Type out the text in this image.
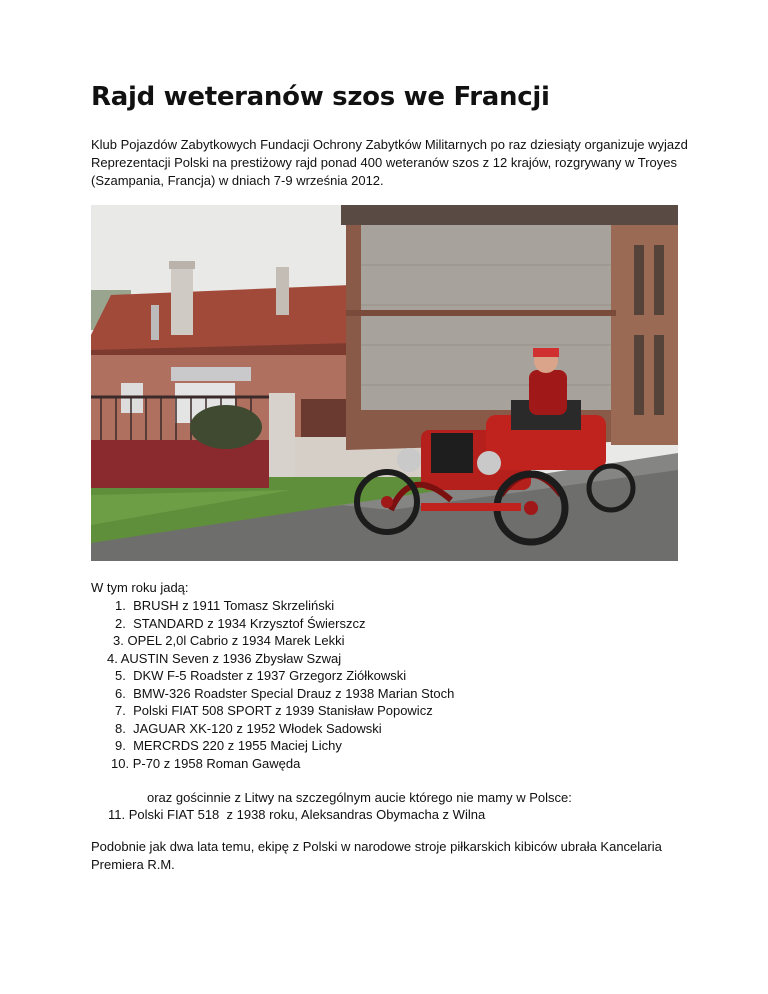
Rajd weteranów szos we Francji

Klub Pojazdów Zabytkowych Fundacji Ochrony Zabytków Militarnych po raz dziesiąty organizuje wyjazd Reprezentacji Polski na prestiżowy rajd ponad 400 weteranów szos z 12 krajów, rozgrywany w Troyes (Szampania, Francja) w dniach 7-9 września 2012.

W tym roku jadą:

1. BRUSH z 1911 Tomasz Skrzeliński
2. STANDARD z 1934 Krzysztof Świerszcz
3. OPEL 2,0l Cabrio z 1934 Marek Lekki
4. AUSTIN Seven z 1936 Zbysław Szwaj
5. DKW F-5 Roadster z 1937 Grzegorz Ziółkowski
6. BMW-326 Roadster Special Drauz z 1938 Marian Stoch
7. Polski FIAT 508 SPORT z 1939 Stanisław Popowicz
8. JAGUAR XK-120 z 1952 Włodek Sadowski
9. MERCRDS 220 z 1955 Maciej Lichy
10. P-70 z 1958 Roman Gawęda

oraz gościnnie z Litwy na szczególnym aucie którego nie mamy w Polsce:

11. Polski FIAT 518  z 1938 roku, Aleksandras Obymacha z Wilna

Podobnie jak dwa lata temu, ekipę z Polski w narodowe stroje piłkarskich kibiców ubrała Kancelaria Premiera R.M.
